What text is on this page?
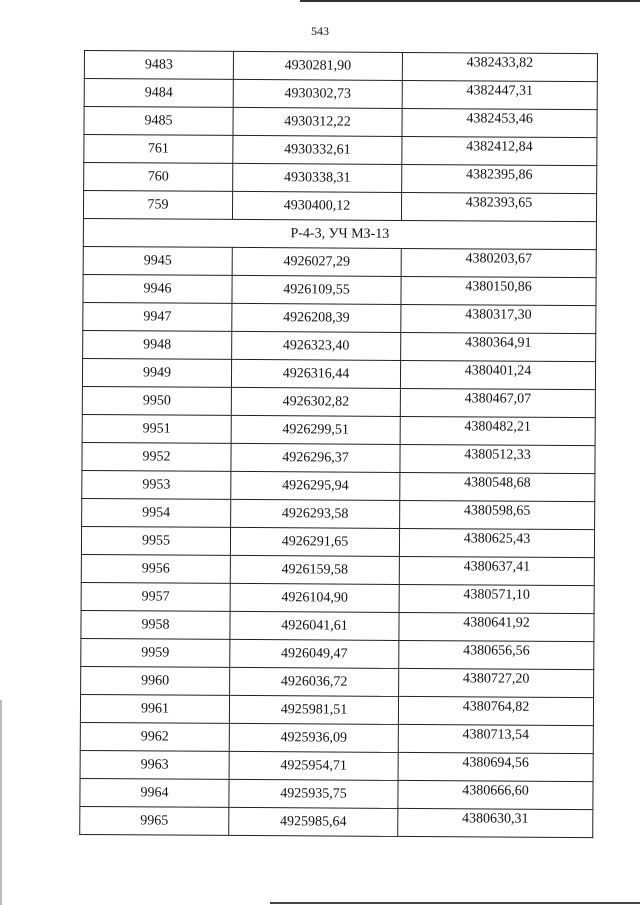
543
9483	4930281,90	4382433,82
9484	4930302,73	4382447,31
9485	4930312,22	4382453,46
761	4930332,61	4382412,84
760	4930338,31	4382395,86
759	4930400,12	4382393,65
Р-4-3, УЧ МЗ-13		
9945	4926027,29	4380203,67
9946	4926109,55	4380150,86
9947	4926208,39	4380317,30
9948	4926323,40	4380364,91
9949	4926316,44	4380401,24
9950	4926302,82	4380467,07
9951	4926299,51	4380482,21
9952	4926296,37	4380512,33
9953	4926295,94	4380548,68
9954	4926293,58	4380598,65
9955	4926291,65	4380625,43
9956	4926159,58	4380637,41
9957	4926104,90	4380571,10
9958	4926041,61	4380641,92
9959	4926049,47	4380656,56
9960	4926036,72	4380727,20
9961	4925981,51	4380764,82
9962	4925936,09	4380713,54
9963	4925954,71	4380694,56
9964	4925935,75	4380666,60
9965	4925985,64	4380630,31
